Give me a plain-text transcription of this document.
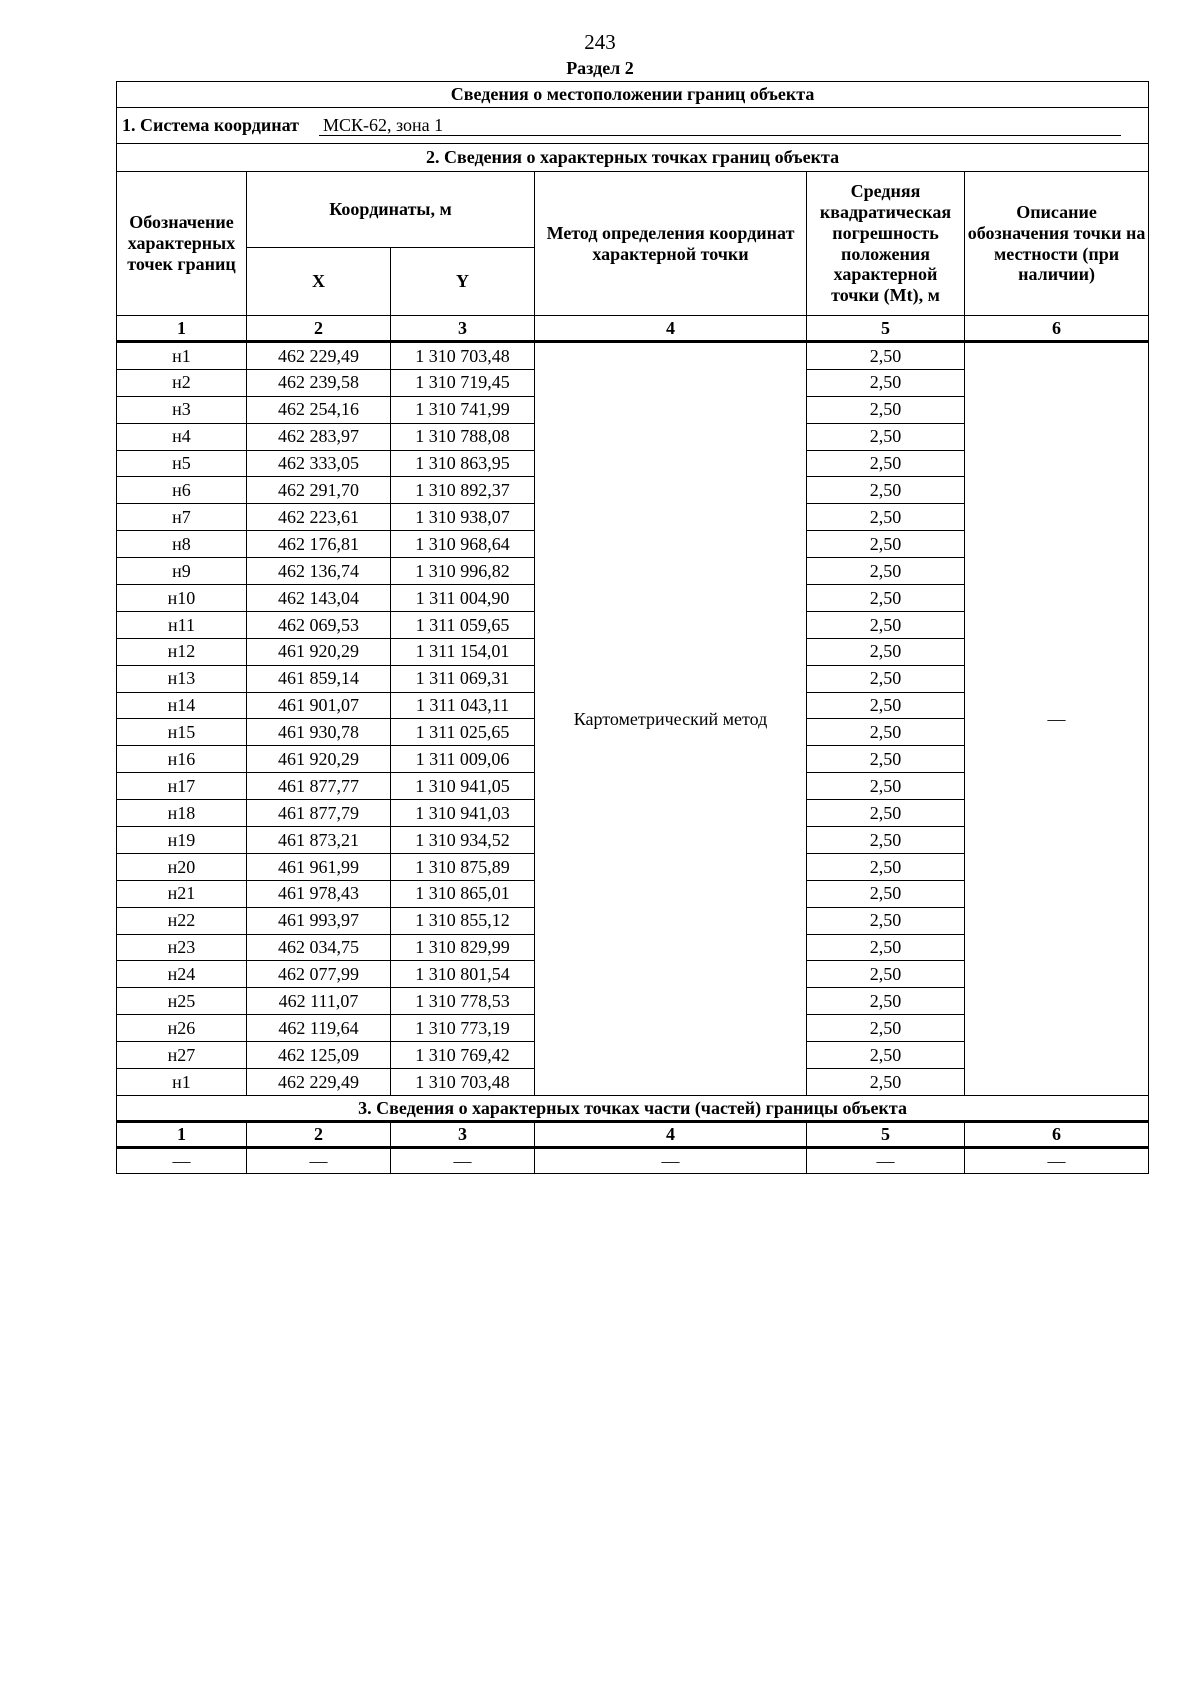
243
Раздел 2
Сведения о местоположении границ объекта					
1. Система координат МСК-62, зона 1					
2. Сведения о характерных точках границ объекта					
Обозначение характерных точек границ	Координаты, м		Метод определения координат характерной точки	Средняя квадратическая погрешность положения характерной точки (Mt), м	Описание обозначения точки на местности (при наличии)
	X	Y			
1	2	3	4	5	6
н1	462 229,49	1 310 703,48	Картометрический метод	2,50	—
н2	462 239,58	1 310 719,45		2,50	
н3	462 254,16	1 310 741,99		2,50	
н4	462 283,97	1 310 788,08		2,50	
н5	462 333,05	1 310 863,95		2,50	
н6	462 291,70	1 310 892,37		2,50	
н7	462 223,61	1 310 938,07		2,50	
н8	462 176,81	1 310 968,64		2,50	
н9	462 136,74	1 310 996,82		2,50	
н10	462 143,04	1 311 004,90		2,50	
н11	462 069,53	1 311 059,65		2,50	
н12	461 920,29	1 311 154,01		2,50	
н13	461 859,14	1 311 069,31		2,50	
н14	461 901,07	1 311 043,11		2,50	
н15	461 930,78	1 311 025,65		2,50	
н16	461 920,29	1 311 009,06		2,50	
н17	461 877,77	1 310 941,05		2,50	
н18	461 877,79	1 310 941,03		2,50	
н19	461 873,21	1 310 934,52		2,50	
н20	461 961,99	1 310 875,89		2,50	
н21	461 978,43	1 310 865,01		2,50	
н22	461 993,97	1 310 855,12		2,50	
н23	462 034,75	1 310 829,99		2,50	
н24	462 077,99	1 310 801,54		2,50	
н25	462 111,07	1 310 778,53		2,50	
н26	462 119,64	1 310 773,19		2,50	
н27	462 125,09	1 310 769,42		2,50	
н1	462 229,49	1 310 703,48		2,50	
3. Сведения о характерных точках части (частей) границы объекта					
1	2	3	4	5	6
—	—	—	—	—	—
